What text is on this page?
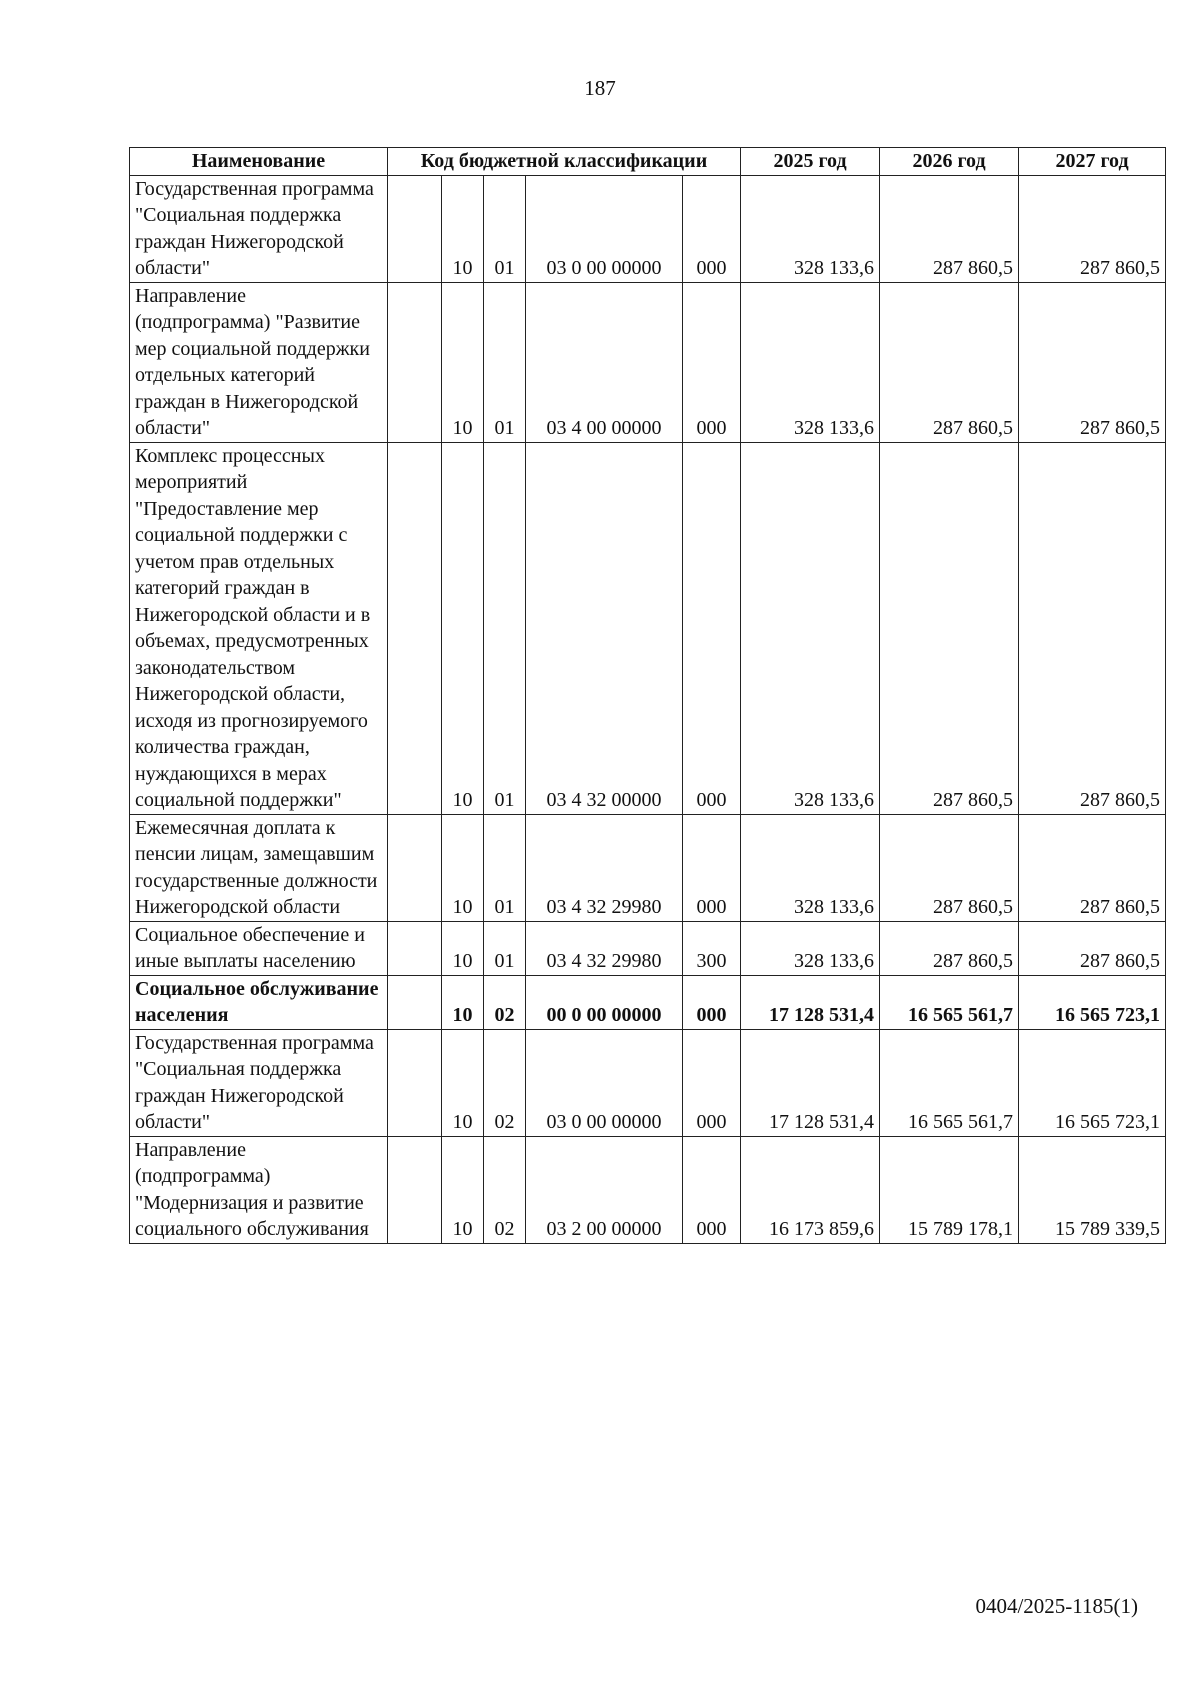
187
Наименование	Код бюджетной классификации					2025 год	2026 год	2027 год
Государственная программа "Социальная поддержка граждан Нижегородской области"		10	01	03 0 00 00000	000	328 133,6	287 860,5	287 860,5
Направление (подпрограмма) "Развитие мер социальной поддержки отдельных категорий граждан в Нижегородской области"		10	01	03 4 00 00000	000	328 133,6	287 860,5	287 860,5
Комплекс процессных мероприятий "Предоставление мер социальной поддержки с учетом прав отдельных категорий граждан в Нижегородской области и в объемах, предусмотренных законодательством Нижегородской области, исходя из прогнозируемого количества граждан, нуждающихся в мерах социальной поддержки"		10	01	03 4 32 00000	000	328 133,6	287 860,5	287 860,5
Ежемесячная доплата к пенсии лицам, замещавшим государственные должности Нижегородской области		10	01	03 4 32 29980	000	328 133,6	287 860,5	287 860,5
Социальное обеспечение и иные выплаты населению		10	01	03 4 32 29980	300	328 133,6	287 860,5	287 860,5
Социальное обслуживание населения		10	02	00 0 00 00000	000	17 128 531,4	16 565 561,7	16 565 723,1
Государственная программа "Социальная поддержка граждан Нижегородской области"		10	02	03 0 00 00000	000	17 128 531,4	16 565 561,7	16 565 723,1
Направление (подпрограмма) "Модернизация и развитие социального обслуживания		10	02	03 2 00 00000	000	16 173 859,6	15 789 178,1	15 789 339,5
0404/2025-1185(1)
